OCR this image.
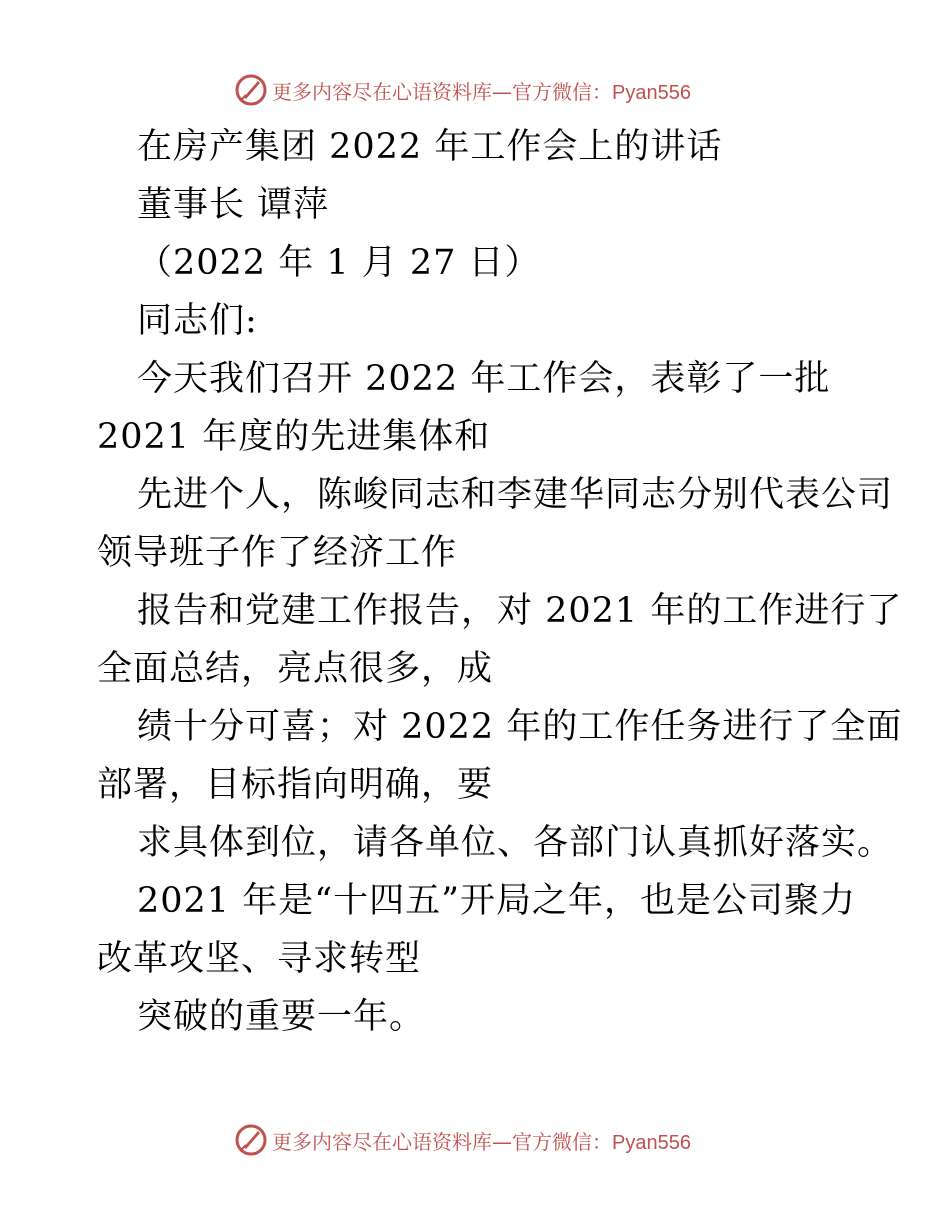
更多内容尽在心语资料库—官方微信：Pyan556
在房产集团 2022 年工作会上的讲话
董事长 谭萍
（2022 年 1 月 27 日）
同志们:
今天我们召开 2022 年工作会，表彰了一批
2021 年度的先进集体和
先进个人，陈峻同志和李建华同志分别代表公司
领导班子作了经济工作
报告和党建工作报告，对 2021 年的工作进行了
全面总结，亮点很多，成
绩十分可喜；对 2022 年的工作任务进行了全面
部署，目标指向明确，要
求具体到位，请各单位、各部门认真抓好落实。
2021 年是“十四五”开局之年，也是公司聚力
改革攻坚、寻求转型
突破的重要一年。
更多内容尽在心语资料库—官方微信：Pyan556
